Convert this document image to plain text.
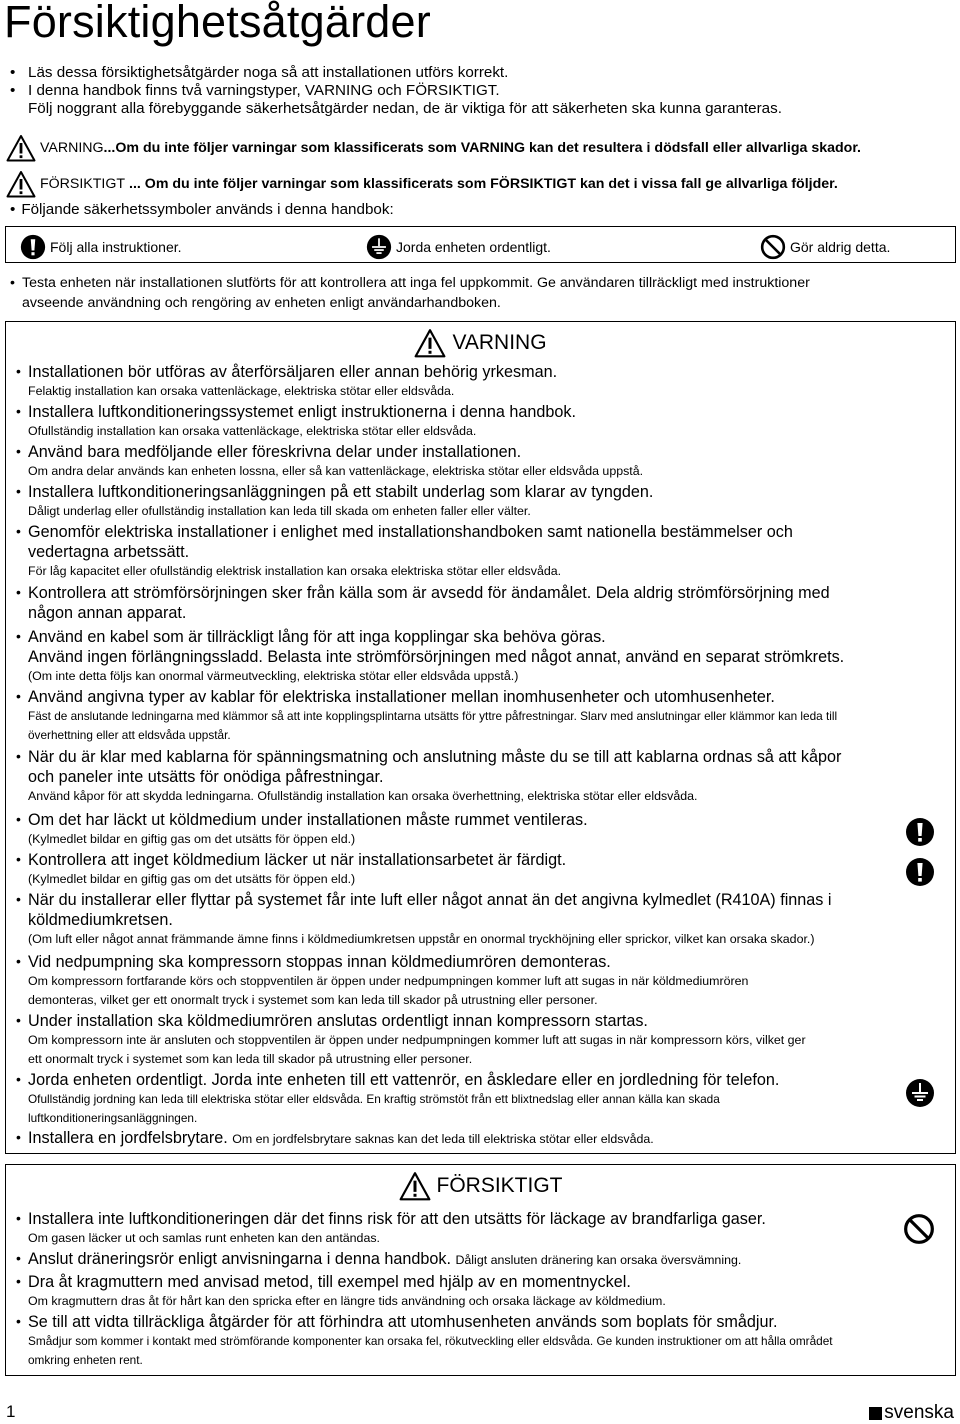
Försiktighetsåtgärder
• Läs dessa försiktighetsåtgärder noga så att installationen utförs korrekt.
• I denna handbok finns två varningstyper, VARNING och FÖRSIKTIGT.
Följ noggrant alla förebyggande säkerhetsåtgärder nedan, de är viktiga för att säkerheten ska kunna garanteras.
VARNING...Om du inte följer varningar som klassificerats som VARNING kan det resultera i dödsfall eller allvarliga skador.
FÖRSIKTIGT ... Om du inte följer varningar som klassificerats som FÖRSIKTIGT kan det i vissa fall ge allvarliga följder.
• Följande säkerhetssymboler används i denna handbok:
Följ alla instruktioner.	Jorda enheten ordentligt.	Gör aldrig detta.
• Testa enheten när installationen slutförts för att kontrollera att inga fel uppkommit. Ge användaren tillräckligt med instruktioner
avseende användning och rengöring av enheten enligt användarhandboken.
VARNING
• Installationen bör utföras av återförsäljaren eller annan behörig yrkesman.
Felaktig installation kan orsaka vattenläckage, elektriska stötar eller eldsvåda.
• Installera luftkonditioneringssystemet enligt instruktionerna i denna handbok.
Ofullständig installation kan orsaka vattenläckage, elektriska stötar eller eldsvåda.
• Använd bara medföljande eller föreskrivna delar under installationen.
Om andra delar används kan enheten lossna, eller så kan vattenläckage, elektriska stötar eller eldsvåda uppstå.
• Installera luftkonditioneringsanläggningen på ett stabilt underlag som klarar av tyngden.
Dåligt underlag eller ofullständig installation kan leda till skada om enheten faller eller välter.
• Genomför elektriska installationer i enlighet med installationshandboken samt nationella bestämmelser och
vedertagna arbetssätt.
För låg kapacitet eller ofullständig elektrisk installation kan orsaka elektriska stötar eller eldsvåda.
• Kontrollera att strömförsörjningen sker från källa som är avsedd för ändamålet. Dela aldrig strömförsörjning med
någon annan apparat.
• Använd en kabel som är tillräckligt lång för att inga kopplingar ska behöva göras.
Använd ingen förlängningssladd. Belasta inte strömförsörjningen med något annat, använd en separat strömkrets.
(Om inte detta följs kan onormal värmeutveckling, elektriska stötar eller eldsvåda uppstå.)
• Använd angivna typer av kablar för elektriska installationer mellan inomhusenheter och utomhusenheter.
Fäst de anslutande ledningarna med klämmor så att inte kopplingsplintarna utsätts för yttre påfrestningar. Slarv med anslutningar eller klämmor kan leda till
överhettning eller att eldsvåda uppstår.
• När du är klar med kablarna för spänningsmatning och anslutning måste du se till att kablarna ordnas så att kåpor
och paneler inte utsätts för onödiga påfrestningar.
Använd kåpor för att skydda ledningarna. Ofullständig installation kan orsaka överhettning, elektriska stötar eller eldsvåda.
• Om det har läckt ut köldmedium under installationen måste rummet ventileras.
(Kylmedlet bildar en giftig gas om det utsätts för öppen eld.)
• Kontrollera att inget köldmedium läcker ut när installationsarbetet är färdigt.
(Kylmedlet bildar en giftig gas om det utsätts för öppen eld.)
• När du installerar eller flyttar på systemet får inte luft eller något annat än det angivna kylmedlet (R410A) finnas i
köldmediumkretsen.
(Om luft eller något annat främmande ämne finns i köldmediumkretsen uppstår en onormal tryckhöjning eller sprickor, vilket kan orsaka skador.)
• Vid nedpumpning ska kompressorn stoppas innan köldmediumrören demonteras.
Om kompressorn fortfarande körs och stoppventilen är öppen under nedpumpningen kommer luft att sugas in när köldmediumrören
demonteras, vilket ger ett onormalt tryck i systemet som kan leda till skador på utrustning eller personer.
• Under installation ska köldmediumrören anslutas ordentligt innan kompressorn startas.
Om kompressorn inte är ansluten och stoppventilen är öppen under nedpumpningen kommer luft att sugas in när kompressorn körs, vilket ger
ett onormalt tryck i systemet som kan leda till skador på utrustning eller personer.
• Jorda enheten ordentligt. Jorda inte enheten till ett vattenrör, en åskledare eller en jordledning för telefon.
Ofullständig jordning kan leda till elektriska stötar eller eldsvåda. En kraftig strömstöt från ett blixtnedslag eller annan källa kan skada
luftkonditioneringsanläggningen.
• Installera en jordfelsbrytare. Om en jordfelsbrytare saknas kan det leda till elektriska stötar eller eldsvåda.
FÖRSIKTIGT
• Installera inte luftkonditioneringen där det finns risk för att den utsätts för läckage av brandfarliga gaser.
Om gasen läcker ut och samlas runt enheten kan den antändas.
• Anslut dräneringsrör enligt anvisningarna i denna handbok. Dåligt ansluten dränering kan orsaka översvämning.
• Dra åt kragmuttern med anvisad metod, till exempel med hjälp av en momentnyckel.
Om kragmuttern dras åt för hårt kan den spricka efter en längre tids användning och orsaka läckage av köldmedium.
• Se till att vidta tillräckliga åtgärder för att förhindra att utomhusenheten används som boplats för smådjur.
Smådjur som kommer i kontakt med strömförande komponenter kan orsaka fel, rökutveckling eller eldsvåda. Ge kunden instruktioner om att hålla området
omkring enheten rent.
1	svenska
